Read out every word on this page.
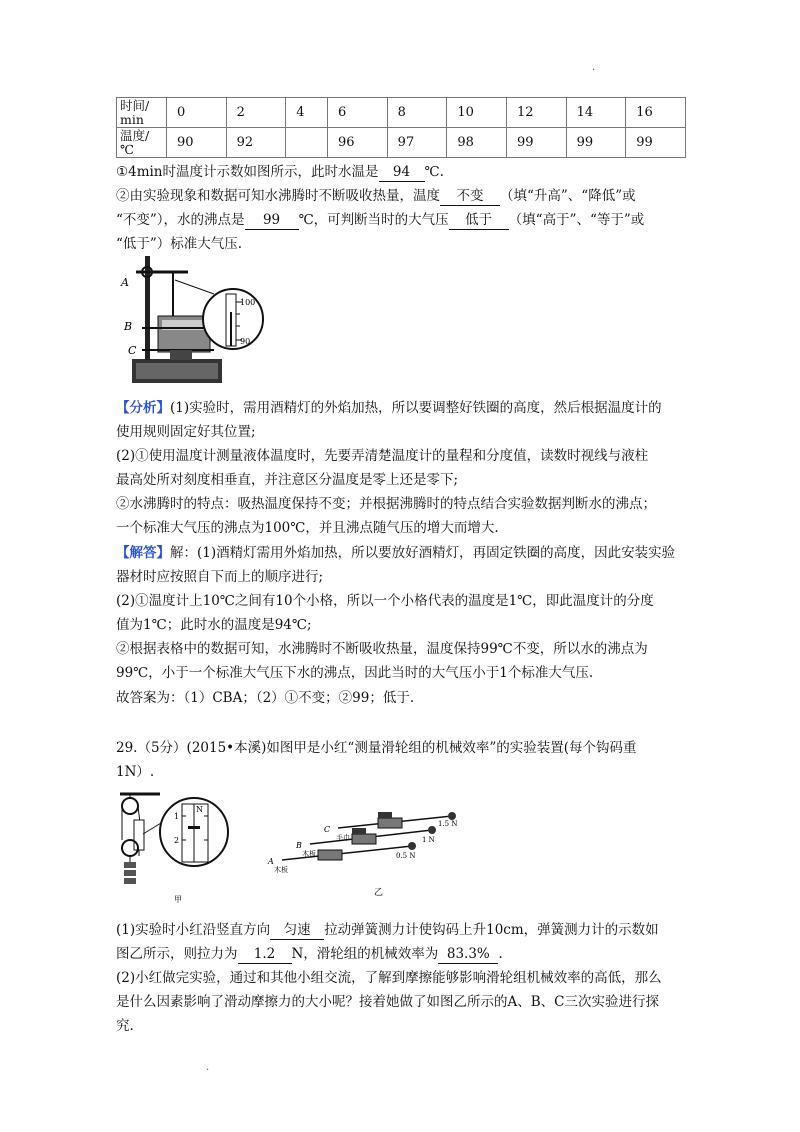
.
时间/
min	0	2	4	6	8	10	12	14	16
温度/
℃	90	92		96	97	98	99	99	99
①4min时温度计示数如图所示，此时水温是 94 ℃.
②由实验现象和数据可知水沸腾时不断吸收热量，温度 不变 （填“升高”、“降低”或
“不变”），水的沸点是 99 ℃，可判断当时的大气压 低于 （填“高于”、“等于”或
“低于”）标准大气压.
A
B
C
100
90
【分析】(1)实验时，需用酒精灯的外焰加热，所以要调整好铁圈的高度，然后根据温度计的
使用规则固定好其位置;
(2)①使用温度计测量液体温度时，先要弄清楚温度计的量程和分度值，读数时视线与液柱
最高处所对刻度相垂直，并注意区分温度是零上还是零下;
②水沸腾时的特点：吸热温度保持不变；并根据沸腾时的特点结合实验数据判断水的沸点；
一个标准大气压的沸点为100℃，并且沸点随气压的增大而增大.
【解答】解：(1)酒精灯需用外焰加热，所以要放好酒精灯，再固定铁圈的高度，因此安装实验
器材时应按照自下而上的顺序进行;
(2)①温度计上10℃之间有10个小格，所以一个小格代表的温度是1℃，即此温度计的分度
值为1℃；此时水的温度是94℃;
②根据表格中的数据可知，水沸腾时不断吸收热量，温度保持99℃不变，所以水的沸点为
99℃，小于一个标准大气压下水的沸点，因此当时的大气压小于1个标准大气压.
故答案为：（1）CBA；（2）①不变；②99；低于.
29.（5分）(2015•本溪)如图甲是小红“测量滑轮组的机械效率”的实验装置(每个钩码重
1N）.
N
1
2
甲
A
B
C
木板
木板
毛巾
0.5 N
1 N
1.5 N
乙
(1)实验时小红沿竖直方向 匀速 拉动弹簧测力计使钩码上升10cm，弹簧测力计的示数如
图乙所示，则拉力为 1.2 N，滑轮组的机械效率为 83.3% .
(2)小红做完实验，通过和其他小组交流，了解到摩擦能够影响滑轮组机械效率的高低，那么
是什么因素影响了滑动摩擦力的大小呢？接着她做了如图乙所示的A、B、C三次实验进行探
究.
.
